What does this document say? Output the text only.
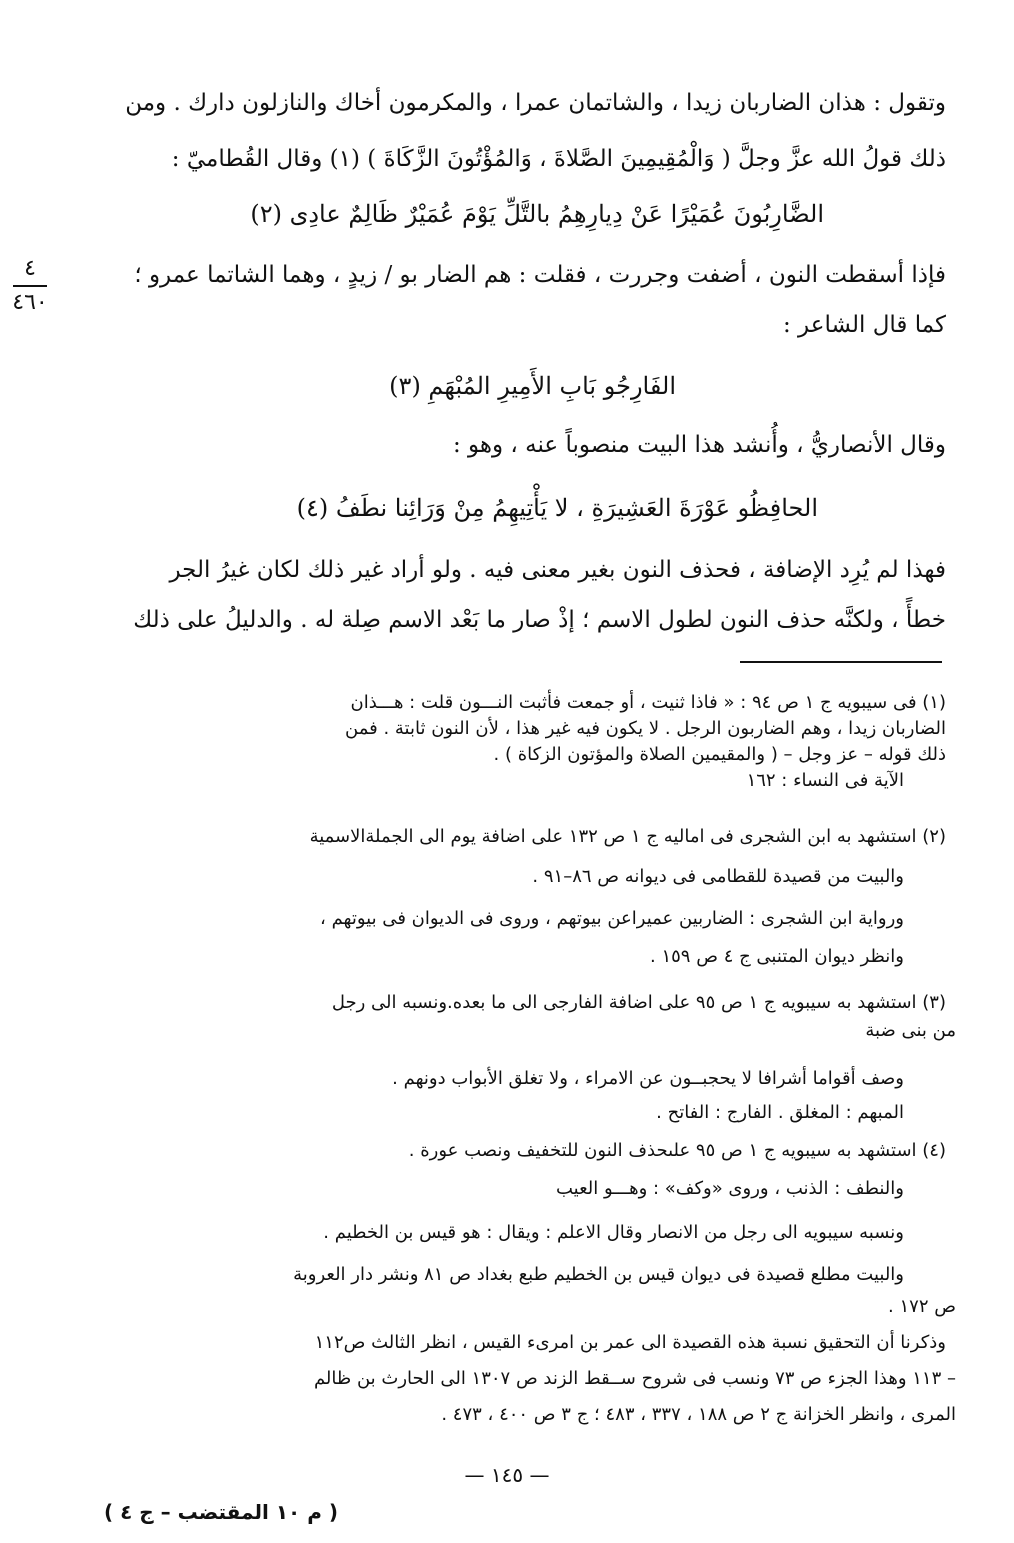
وتقول : هذان الضاربان زيدا ، والشاتمان عمرا ، والمكرمون أخاك والنازلون دارك . ومن
ذلك قولُ الله عزَّ وجلَّ ( وَالْمُقِيمِينَ الصَّلاةَ ، وَالمُؤْتُونَ الزَّكَاةَ ) (١) وقال القُطاميّ :
الضَّارِبُونَ عُمَيْرًا عَنْ دِيارِهِمُ بالتَّلِّ يَوْمَ عُمَيْرٌ ظَالِمٌ عادِى (٢)
فإذا أسقطت النون ، أضفت وجررت ، فقلت : هم الضار بو / زيدٍ ، وهما الشاتما عمرو ؛
كما قال الشاعر :
٤
٤٦٠
الفَارِجُو بَابِ الأَمِيرِ المُبْهَمِ (٣)
وقال الأنصاريُّ ، وأُنشد هذا البيت منصوباً عنه ، وهو :
الحافِظُو عَوْرَةَ العَشِيرَةِ ، لا يَأْتِيهِمُ مِنْ وَرَائِنا نطَفُ (٤)
فهذا لم يُرِد الإضافة ، فحذف النون بغير معنى فيه . ولو أراد غير ذلك لكان غيرُ الجر
خطأً ، ولكنَّه حذف النون لطول الاسم ؛ إذْ صار ما بَعْد الاسم صِلة له . والدليلُ على ذلك
(١) فى سيبويه ج ١ ص ٩٤ : « فاذا ثنيت ، أو جمعت فأثبت النـــون قلت : هـــذان
الضاربان زيدا ، وهم الضاربون الرجل . لا يكون فيه غير هذا ، لأن النون ثابتة . فمن
ذلك قوله – عز وجل – ( والمقيمين الصلاة والمؤتون الزكاة ) .
الآية فى النساء : ١٦٢
(٢) استشهد به ابن الشجرى فى اماليه ج ١ ص ١٣٢ على اضافة يوم الى الجملةالاسمية
والبيت من قصيدة للقطامى فى ديوانه ص ٨٦–٩١ .
ورواية ابن الشجرى : الضاربين عميراعن بيوتهم ، وروى فى الديوان فى بيوتهم ،
وانظر ديوان المتنبى ج ٤ ص ١٥٩ .
(٣) استشهد به سيبويه ج ١ ص ٩٥ على اضافة الفارجى الى ما بعده.ونسبه الى رجل
من بنى ضبة
وصف أقواما أشرافا لا يحجبــون عن الامراء ، ولا تغلق الأبواب دونهم .
المبهم : المغلق . الفارج : الفاتح .
(٤) استشهد به سيبويه ج ١ ص ٩٥ علىحذف النون للتخفيف ونصب عورة .
والنطف : الذنب ، وروى «وكف» : وهـــو العيب
ونسبه سيبويه الى رجل من الانصار وقال الاعلم : ويقال : هو قيس بن الخطيم .
والبيت مطلع قصيدة فى ديوان قيس بن الخطيم طبع بغداد ص ٨١ ونشر دار العروبة
ص ١٧٢ .
وذكرنا أن التحقيق نسبة هذه القصيدة الى عمر بن امرىء القيس ، انظر الثالث ص١١٢
– ١١٣ وهذا الجزء ص ٧٣ ونسب فى شروح ســقط الزند ص ١٣٠٧ الى الحارث بن ظالم
المرى ، وانظر الخزانة ج ٢ ص ١٨٨ ، ٣٣٧ ، ٤٨٣ ؛ ج ٣ ص ٤٠٠ ، ٤٧٣ .
— ١٤٥ —
( م ١٠ المقتضب – ج ٤ )
